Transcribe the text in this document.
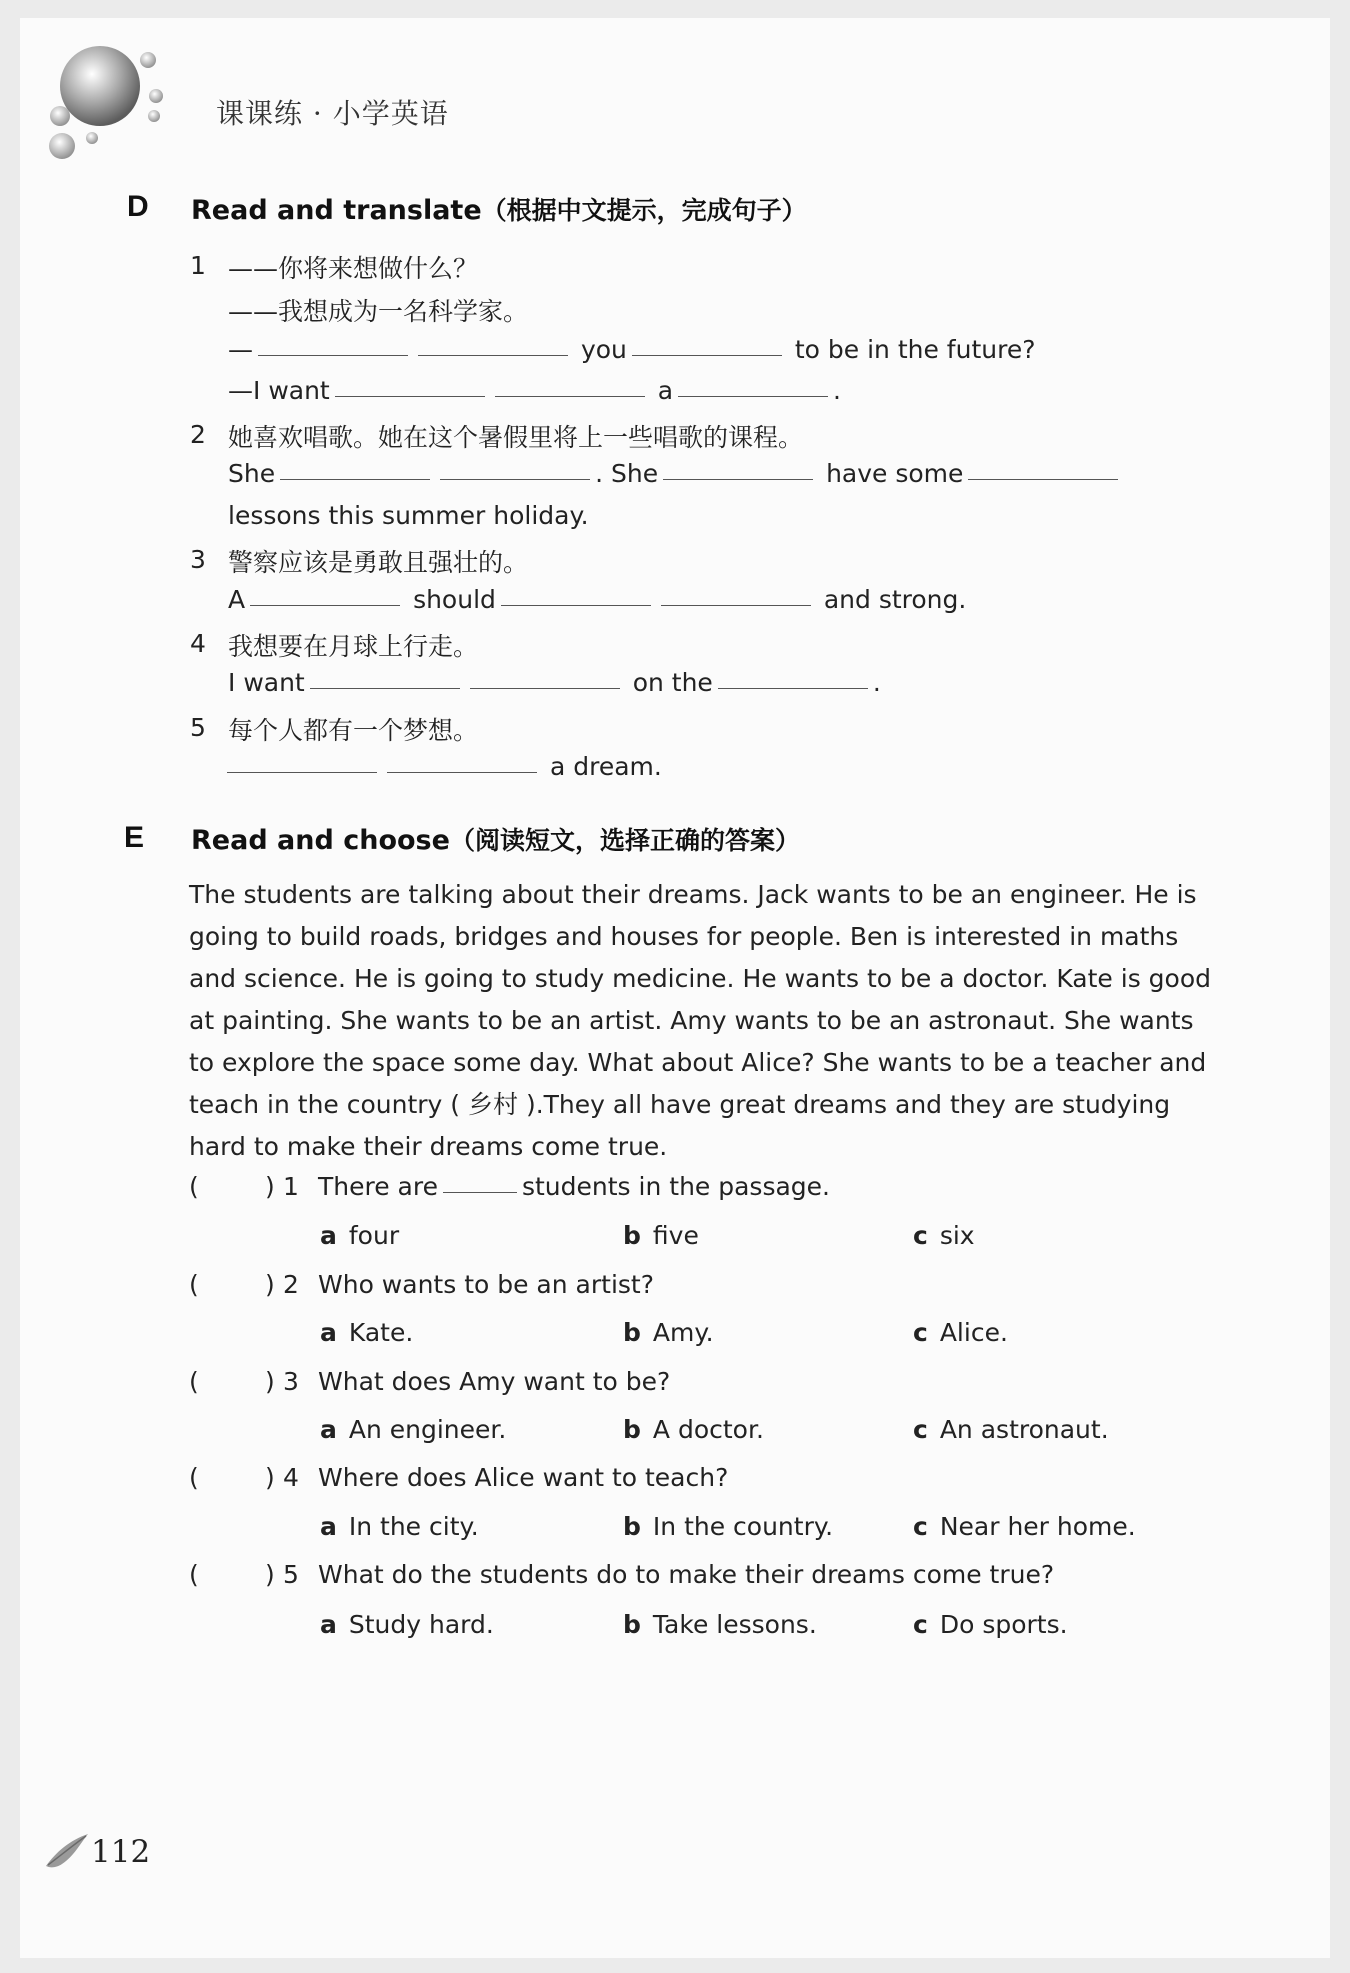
课课练 · 小学英语
D Read and translate（根据中文提示，完成句子）
1 ——你将来想做什么？
——我想成为一名科学家。
—	you	to be in the future?
—I want	a	.
2 她喜欢唱歌。她在这个暑假里将上一些唱歌的课程。
She	. She	have some
lessons this summer holiday.
3 警察应该是勇敢且强壮的。
A	should	and strong.
4 我想要在月球上行走。
I want	on the	.
5 每个人都有一个梦想。
a dream.
E Read and choose（阅读短文，选择正确的答案）

The students are talking about their dreams. Jack wants to be an engineer. He is

going to build roads, bridges and houses for people. Ben is interested in maths

and science. He is going to study medicine. He wants to be a doctor. Kate is good

at painting. She wants to be an artist. Amy wants to be an astronaut. She wants

to explore the space some day. What about Alice? She wants to be a teacher and

teach in the country ( 乡村 ).They all have great dreams and they are studying

hard to make their dreams come true.

(	) 1 There are	students in the passage.
a four	b five	c six
(	) 2 Who wants to be an artist?
a Kate.	b Amy.	c Alice.
(	) 3 What does Amy want to be?
a An engineer.	b A doctor.	c An astronaut.
(	) 4 Where does Alice want to teach?
a In the city.	b In the country.	c Near her home.
(	) 5 What do the students do to make their dreams come true?
a Study hard.	b Take lessons.	c Do sports.
112
